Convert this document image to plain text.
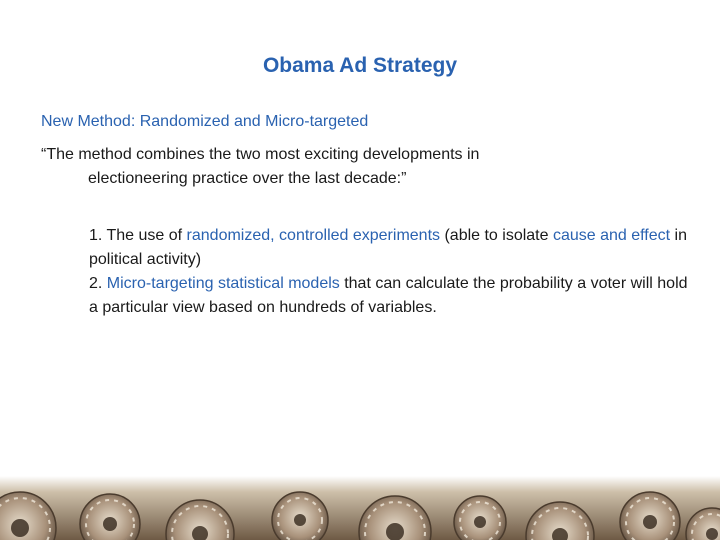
Obama Ad Strategy
New Method: Randomized and Micro-targeted
“The method combines the two most exciting developments in
electioneering practice over the last decade:”
1. The use of randomized, controlled experiments (able to isolate cause and effect in political activity)
2. Micro-targeting statistical models that can calculate the probability a voter will hold a particular view based on hundreds of variables.
